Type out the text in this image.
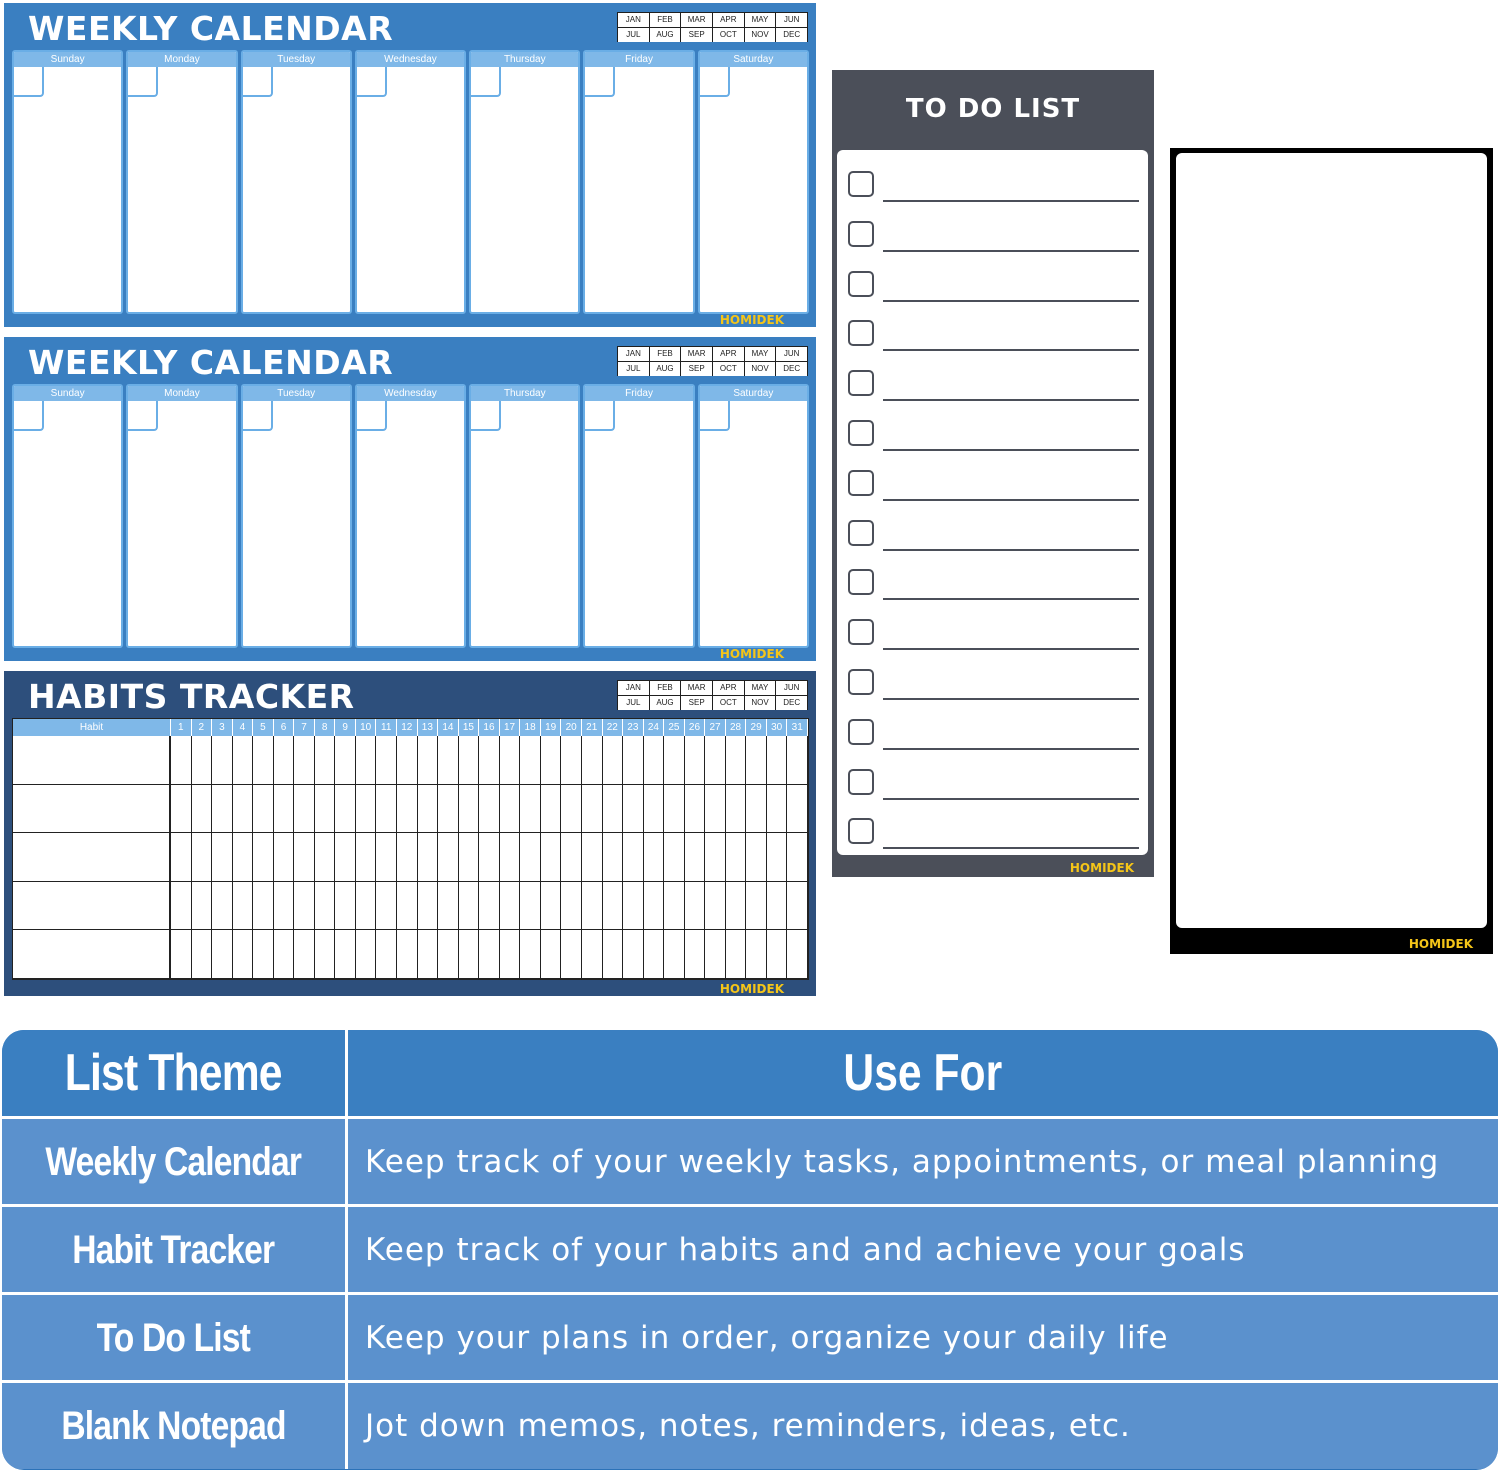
WEEKLY CALENDAR	JAN	FEB	MAR	APR	MAY	JUN
JUL	AUG	SEP	OCT	NOV	DEC
Sunday	Monday	Tuesday	Wednesday	Thursday	Friday	Saturday
HOMIDEK
WEEKLY CALENDAR	JAN	FEB	MAR	APR	MAY	JUN
JUL	AUG	SEP	OCT	NOV	DEC
Sunday	Monday	Tuesday	Wednesday	Thursday	Friday	Saturday
HOMIDEK
HABITS TRACKER	JAN	FEB	MAR	APR	MAY	JUN
JUL	AUG	SEP	OCT	NOV	DEC
Habit	1	2	3	4	5	6	7	8	9	10 11 12 13 14 15 16 17 18 19 20 21 22 23 24 25 26 27 28 29 30 31
HOMIDEK
TO DO LIST
HOMIDEK
HOMIDEK
List Theme	Use For
Weekly Calendar	Keep track of your weekly tasks, appointments, or meal planning
Habit Tracker	Keep track of your habits and and achieve your goals
To Do List	Keep your plans in order, organize your daily life
Blank Notepad	Jot down memos, notes, reminders, ideas, etc.
